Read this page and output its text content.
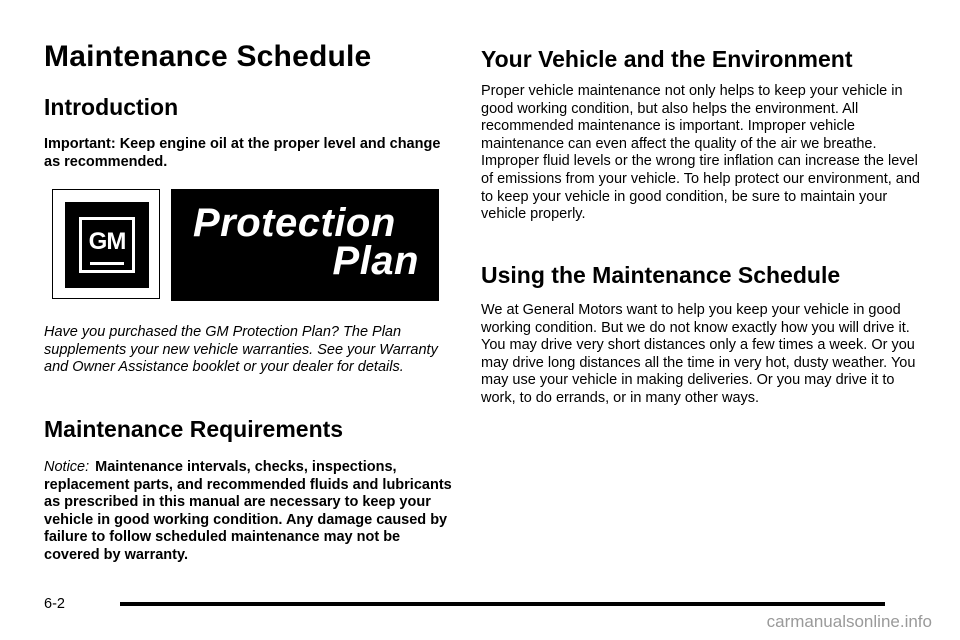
Maintenance Schedule
Introduction

Important: Keep engine oil at the proper level and change as recommended.

GM Protection
Plan

Have you purchased the GM Protection Plan? The Plan supplements your new vehicle warranties. See your Warranty and Owner Assistance booklet or your dealer for details.

Maintenance Requirements

Notice: Maintenance intervals, checks, inspections, replacement parts, and recommended fluids and lubricants as prescribed in this manual are necessary to keep your vehicle in good working condition. Any damage caused by failure to follow scheduled maintenance may not be covered by warranty.

Your Vehicle and the Environment

Proper vehicle maintenance not only helps to keep your vehicle in good working condition, but also helps the environment. All recommended maintenance is important. Improper vehicle maintenance can even affect the quality of the air we breathe. Improper fluid levels or the wrong tire inflation can increase the level of emissions from your vehicle. To help protect our environment, and to keep your vehicle in good condition, be sure to maintain your vehicle properly.

Using the Maintenance Schedule

We at General Motors want to help you keep your vehicle in good working condition. But we do not know exactly how you will drive it. You may drive very short distances only a few times a week. Or you may drive long distances all the time in very hot, dusty weather. You may use your vehicle in making deliveries. Or you may drive it to work, to do errands, or in many other ways.

6-2
carmanualsonline.info
